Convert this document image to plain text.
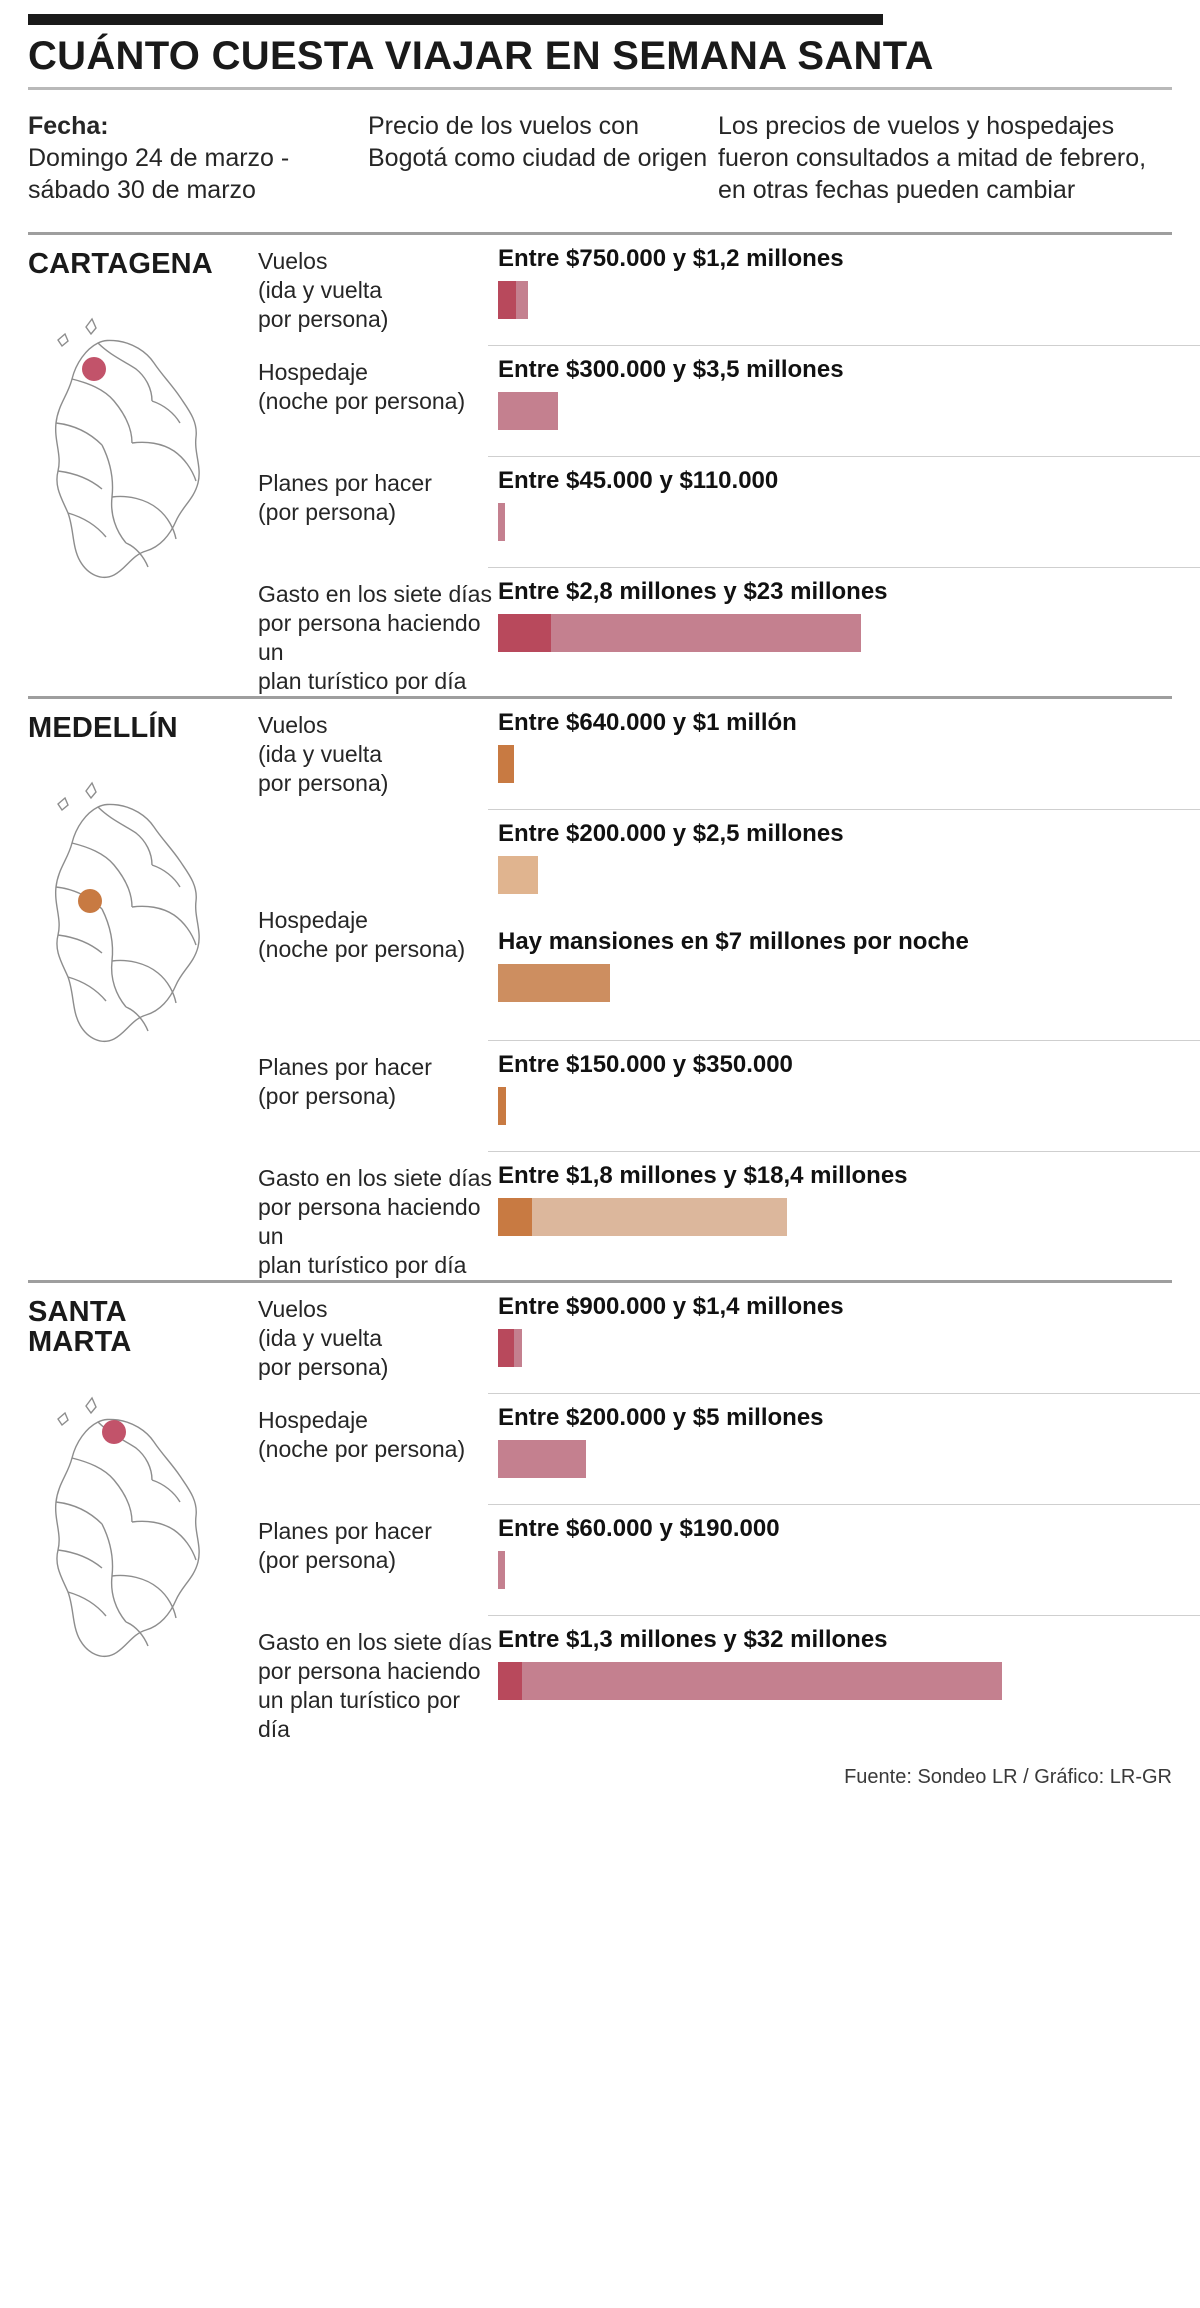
CUÁNTO CUESTA VIAJAR EN SEMANA SANTA
Fecha:
Domingo 24 de marzo - sábado 30 de marzo
Precio de los vuelos con Bogotá como ciudad de origen
Los precios de vuelos y hospedajes fueron consultados a mitad de febrero, en otras fechas pueden cambiar
CARTAGENA	Vuelos
(ida y vuelta
por persona)
Entre $750.000 y $1,2 millones
Hospedaje
(noche por persona)
Entre $300.000 y $3,5 millones
Planes por hacer
(por persona)
Entre $45.000 y $110.000
Gasto en los siete días
por persona haciendo un
plan turístico por día
Entre $2,8 millones y $23 millones
MEDELLÍN	Vuelos
(ida y vuelta
por persona)
Entre $640.000 y $1 millón
Hospedaje
(noche por persona)
Entre $200.000 y $2,5 millones
Hay mansiones en $7 millones por noche
Planes por hacer
(por persona)
Entre $150.000 y $350.000
Gasto en los siete días
por persona haciendo un
plan turístico por día
Entre $1,8 millones y $18,4 millones
SANTA
MARTA
Vuelos
(ida y vuelta
por persona)
Entre $900.000 y $1,4 millones
Hospedaje
(noche por persona)
Entre $200.000 y $5 millones
Planes por hacer
(por persona)
Entre $60.000 y $190.000
Gasto en los siete días
por persona haciendo
un plan turístico por día
Entre $1,3 millones y $32 millones
Fuente: Sondeo LR / Gráfico: LR-GR
